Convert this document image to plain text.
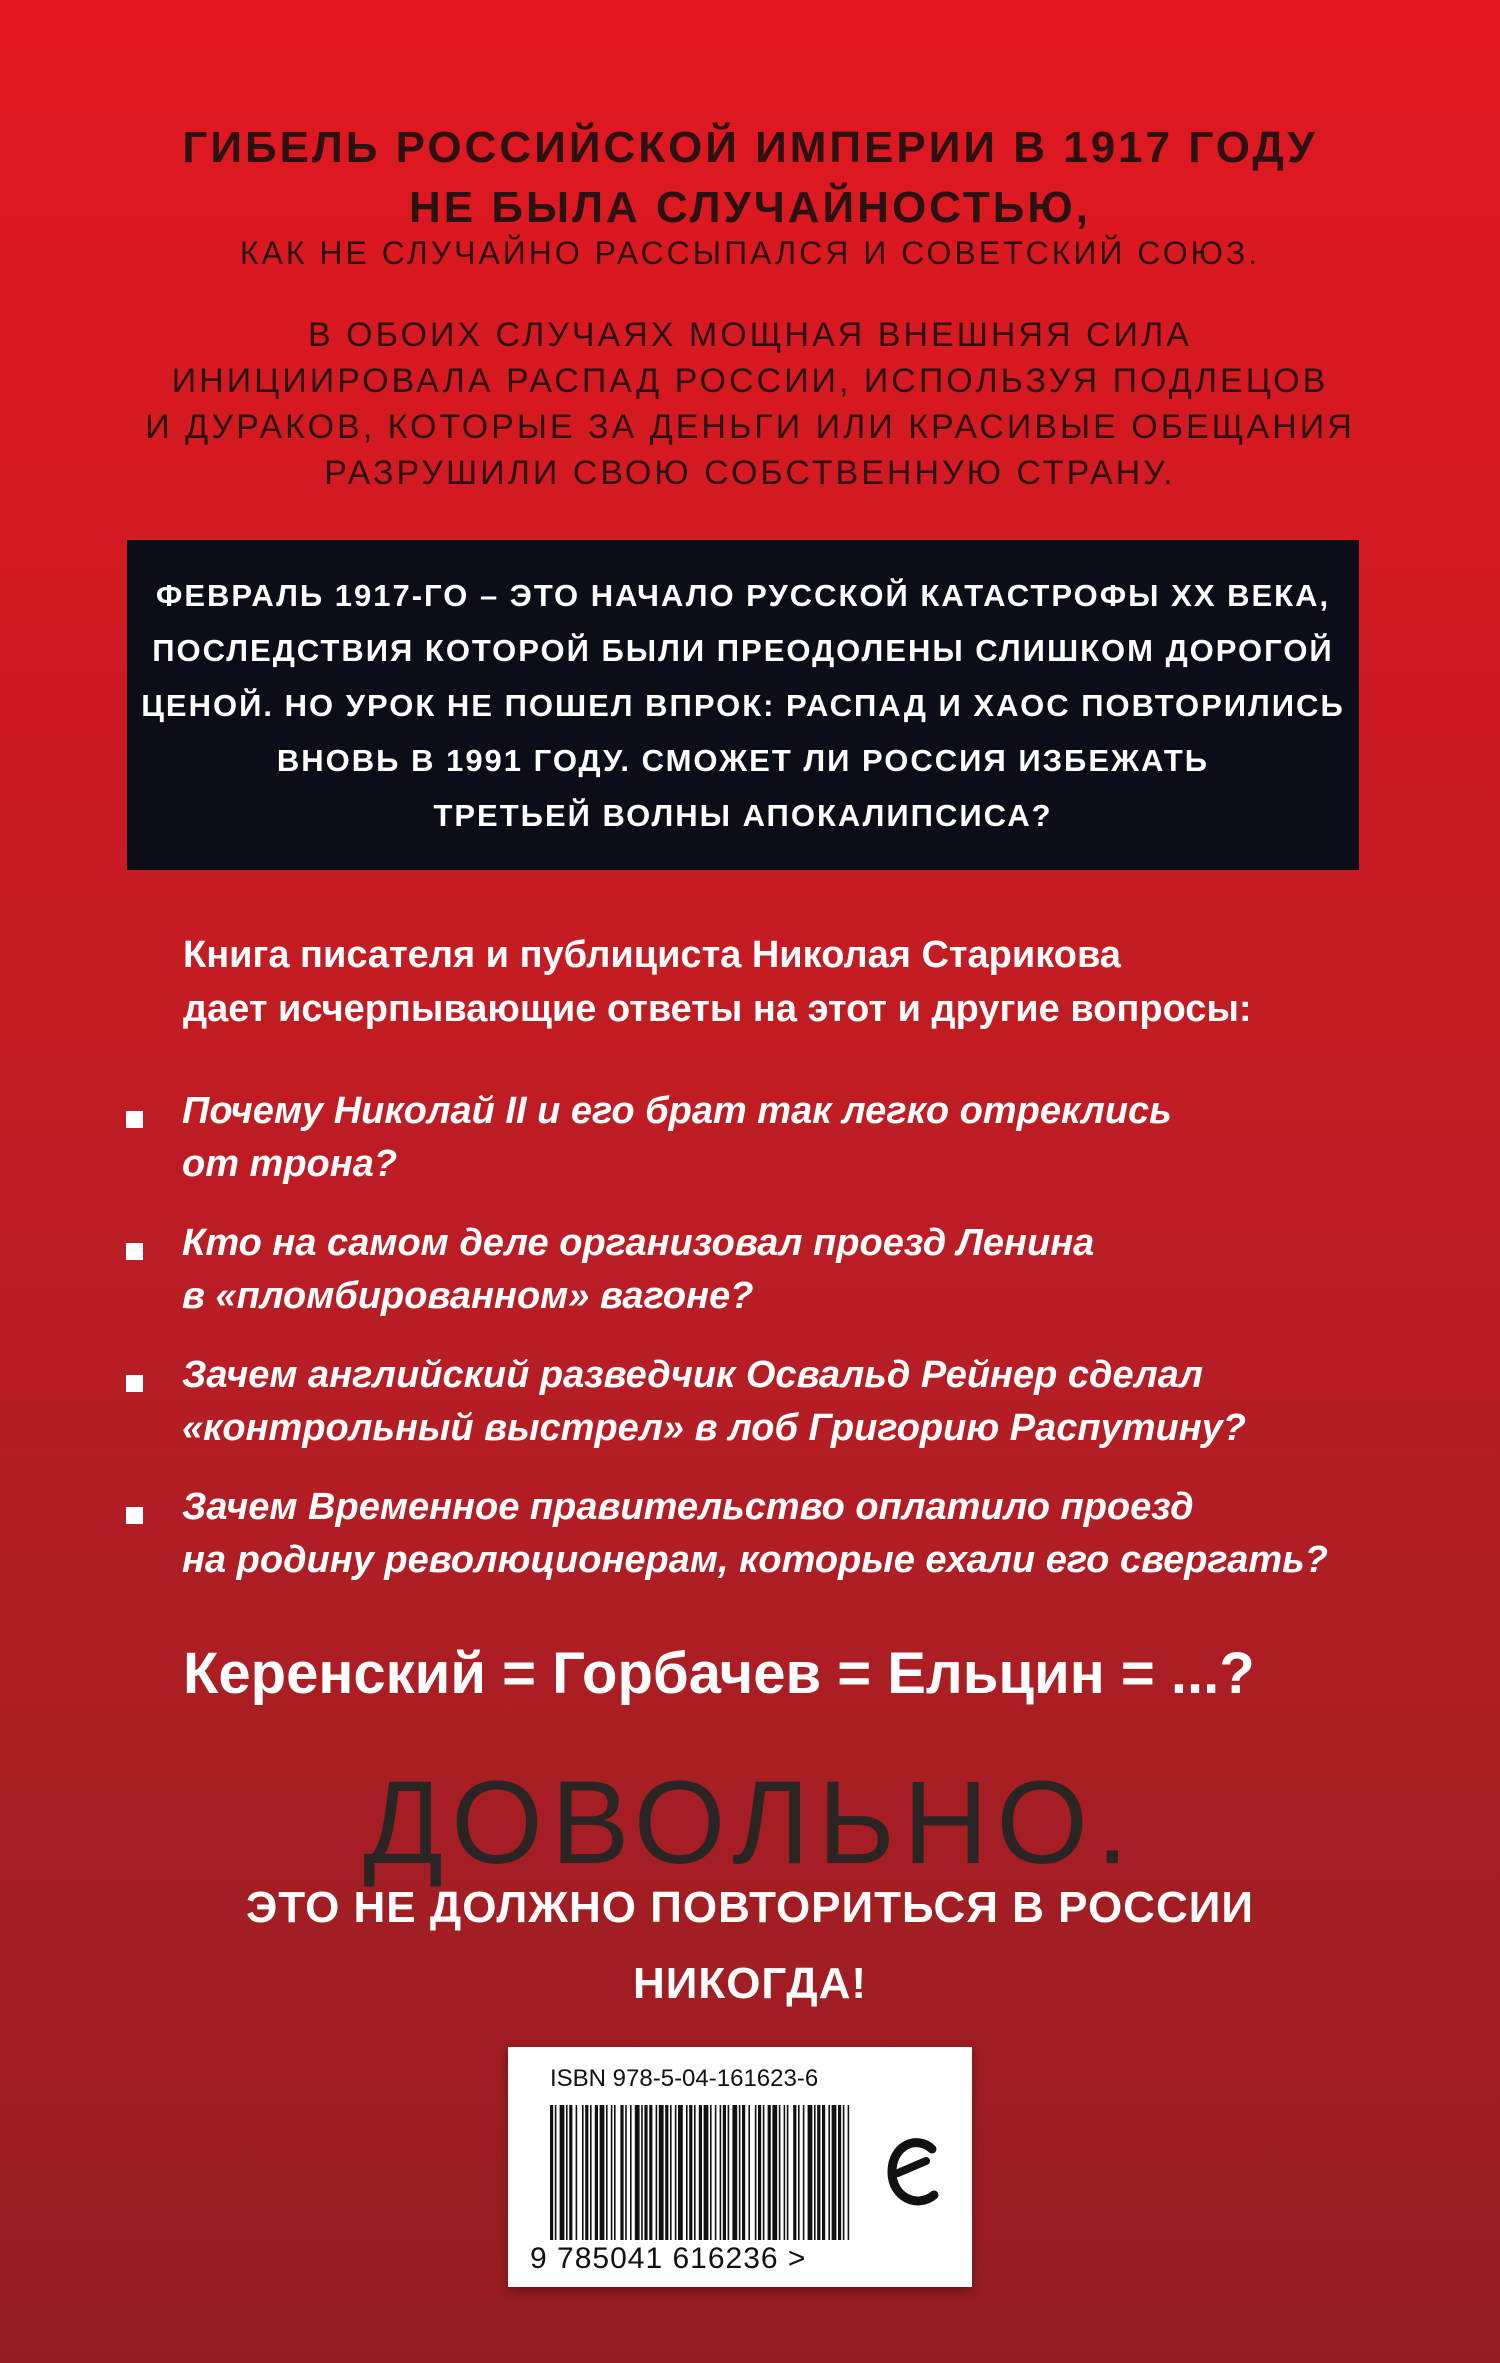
ГИБЕЛЬ РОССИЙСКОЙ ИМПЕРИИ В 1917 ГОДУ
НЕ БЫЛА СЛУЧАЙНОСТЬЮ,
КАК НЕ СЛУЧАЙНО РАССЫПАЛСЯ И СОВЕТСКИЙ СОЮЗ.
В ОБОИХ СЛУЧАЯХ МОЩНАЯ ВНЕШНЯЯ СИЛА
ИНИЦИИРОВАЛА РАСПАД РОССИИ, ИСПОЛЬЗУЯ ПОДЛЕЦОВ
И ДУРАКОВ, КОТОРЫЕ ЗА ДЕНЬГИ ИЛИ КРАСИВЫЕ ОБЕЩАНИЯ
РАЗРУШИЛИ СВОЮ СОБСТВЕННУЮ СТРАНУ.
ФЕВРАЛЬ 1917-ГО – ЭТО НАЧАЛО РУССКОЙ КАТАСТРОФЫ XX ВЕКА,
ПОСЛЕДСТВИЯ КОТОРОЙ БЫЛИ ПРЕОДОЛЕНЫ СЛИШКОМ ДОРОГОЙ
ЦЕНОЙ. НО УРОК НЕ ПОШЕЛ ВПРОК: РАСПАД И ХАОС ПОВТОРИЛИСЬ
ВНОВЬ В 1991 ГОДУ. СМОЖЕТ ЛИ РОССИЯ ИЗБЕЖАТЬ
ТРЕТЬЕЙ ВОЛНЫ АПОКАЛИПСИСА?
Книга писателя и публициста Николая Старикова
дает исчерпывающие ответы на этот и другие вопросы:
Почему Николай II и его брат так легко отреклись
от трона?
Кто на самом деле организовал проезд Ленина
в «пломбированном» вагоне?
Зачем английский разведчик Освальд Рейнер сделал
«контрольный выстрел» в лоб Григорию Распутину?
Зачем Временное правительство оплатило проезд
на родину революционерам, которые ехали его свергать?
Керенский = Горбачев = Ельцин = ...?
ДОВОЛЬНО.
ЭТО НЕ ДОЛЖНО ПОВТОРИТЬСЯ В РОССИИ
НИКОГДА!
ISBN 978-5-04-161623-6
9 785041 616236 >
